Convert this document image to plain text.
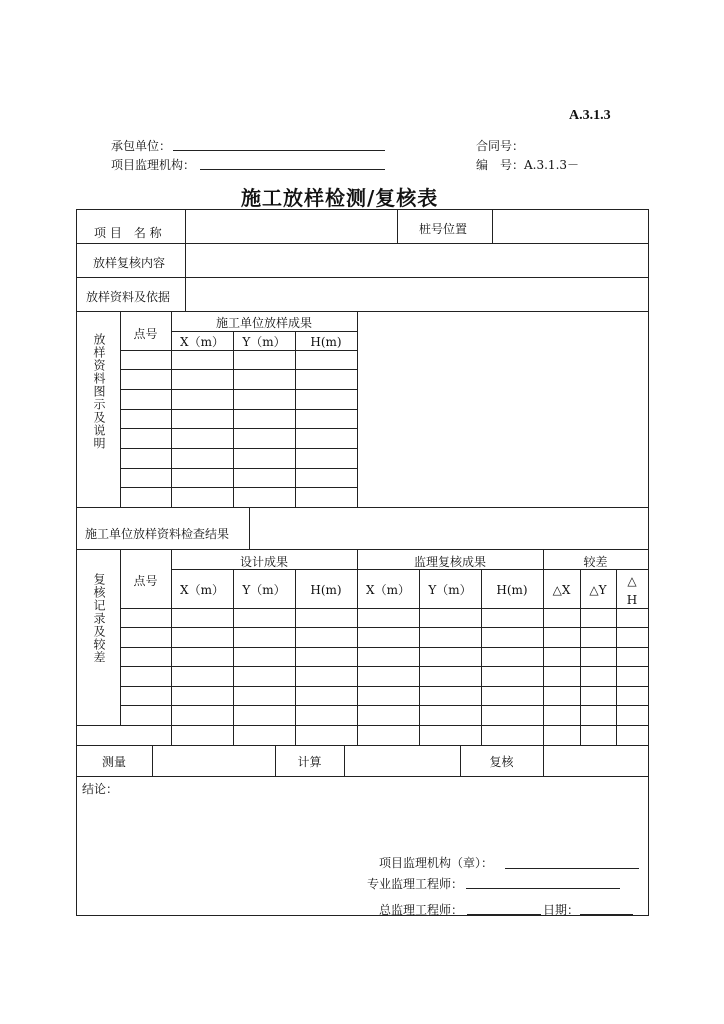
A.3.1.3
承包单位：
项目监理机构：
合同号：
编　号：A.3.1.3－
施工放样检测/复核表
项 目　名 称	桩号位置
放样复核内容
放样资料及依据
放样资料图示及说明	点号
施工单位放样成果
X（m）	Y（m）	H(m)
施工单位放样资料检查结果
复核记录及较差	点号
设计成果	监理复核成果	较差
X（m）	Y（m）	H(m)	X（m）	Y（m）	H(m)	△X	△Y
△
H
测量	计算	复核
结论：
项目监理机构（章）：
专业监理工程师：
总监理工程师：	日期：
